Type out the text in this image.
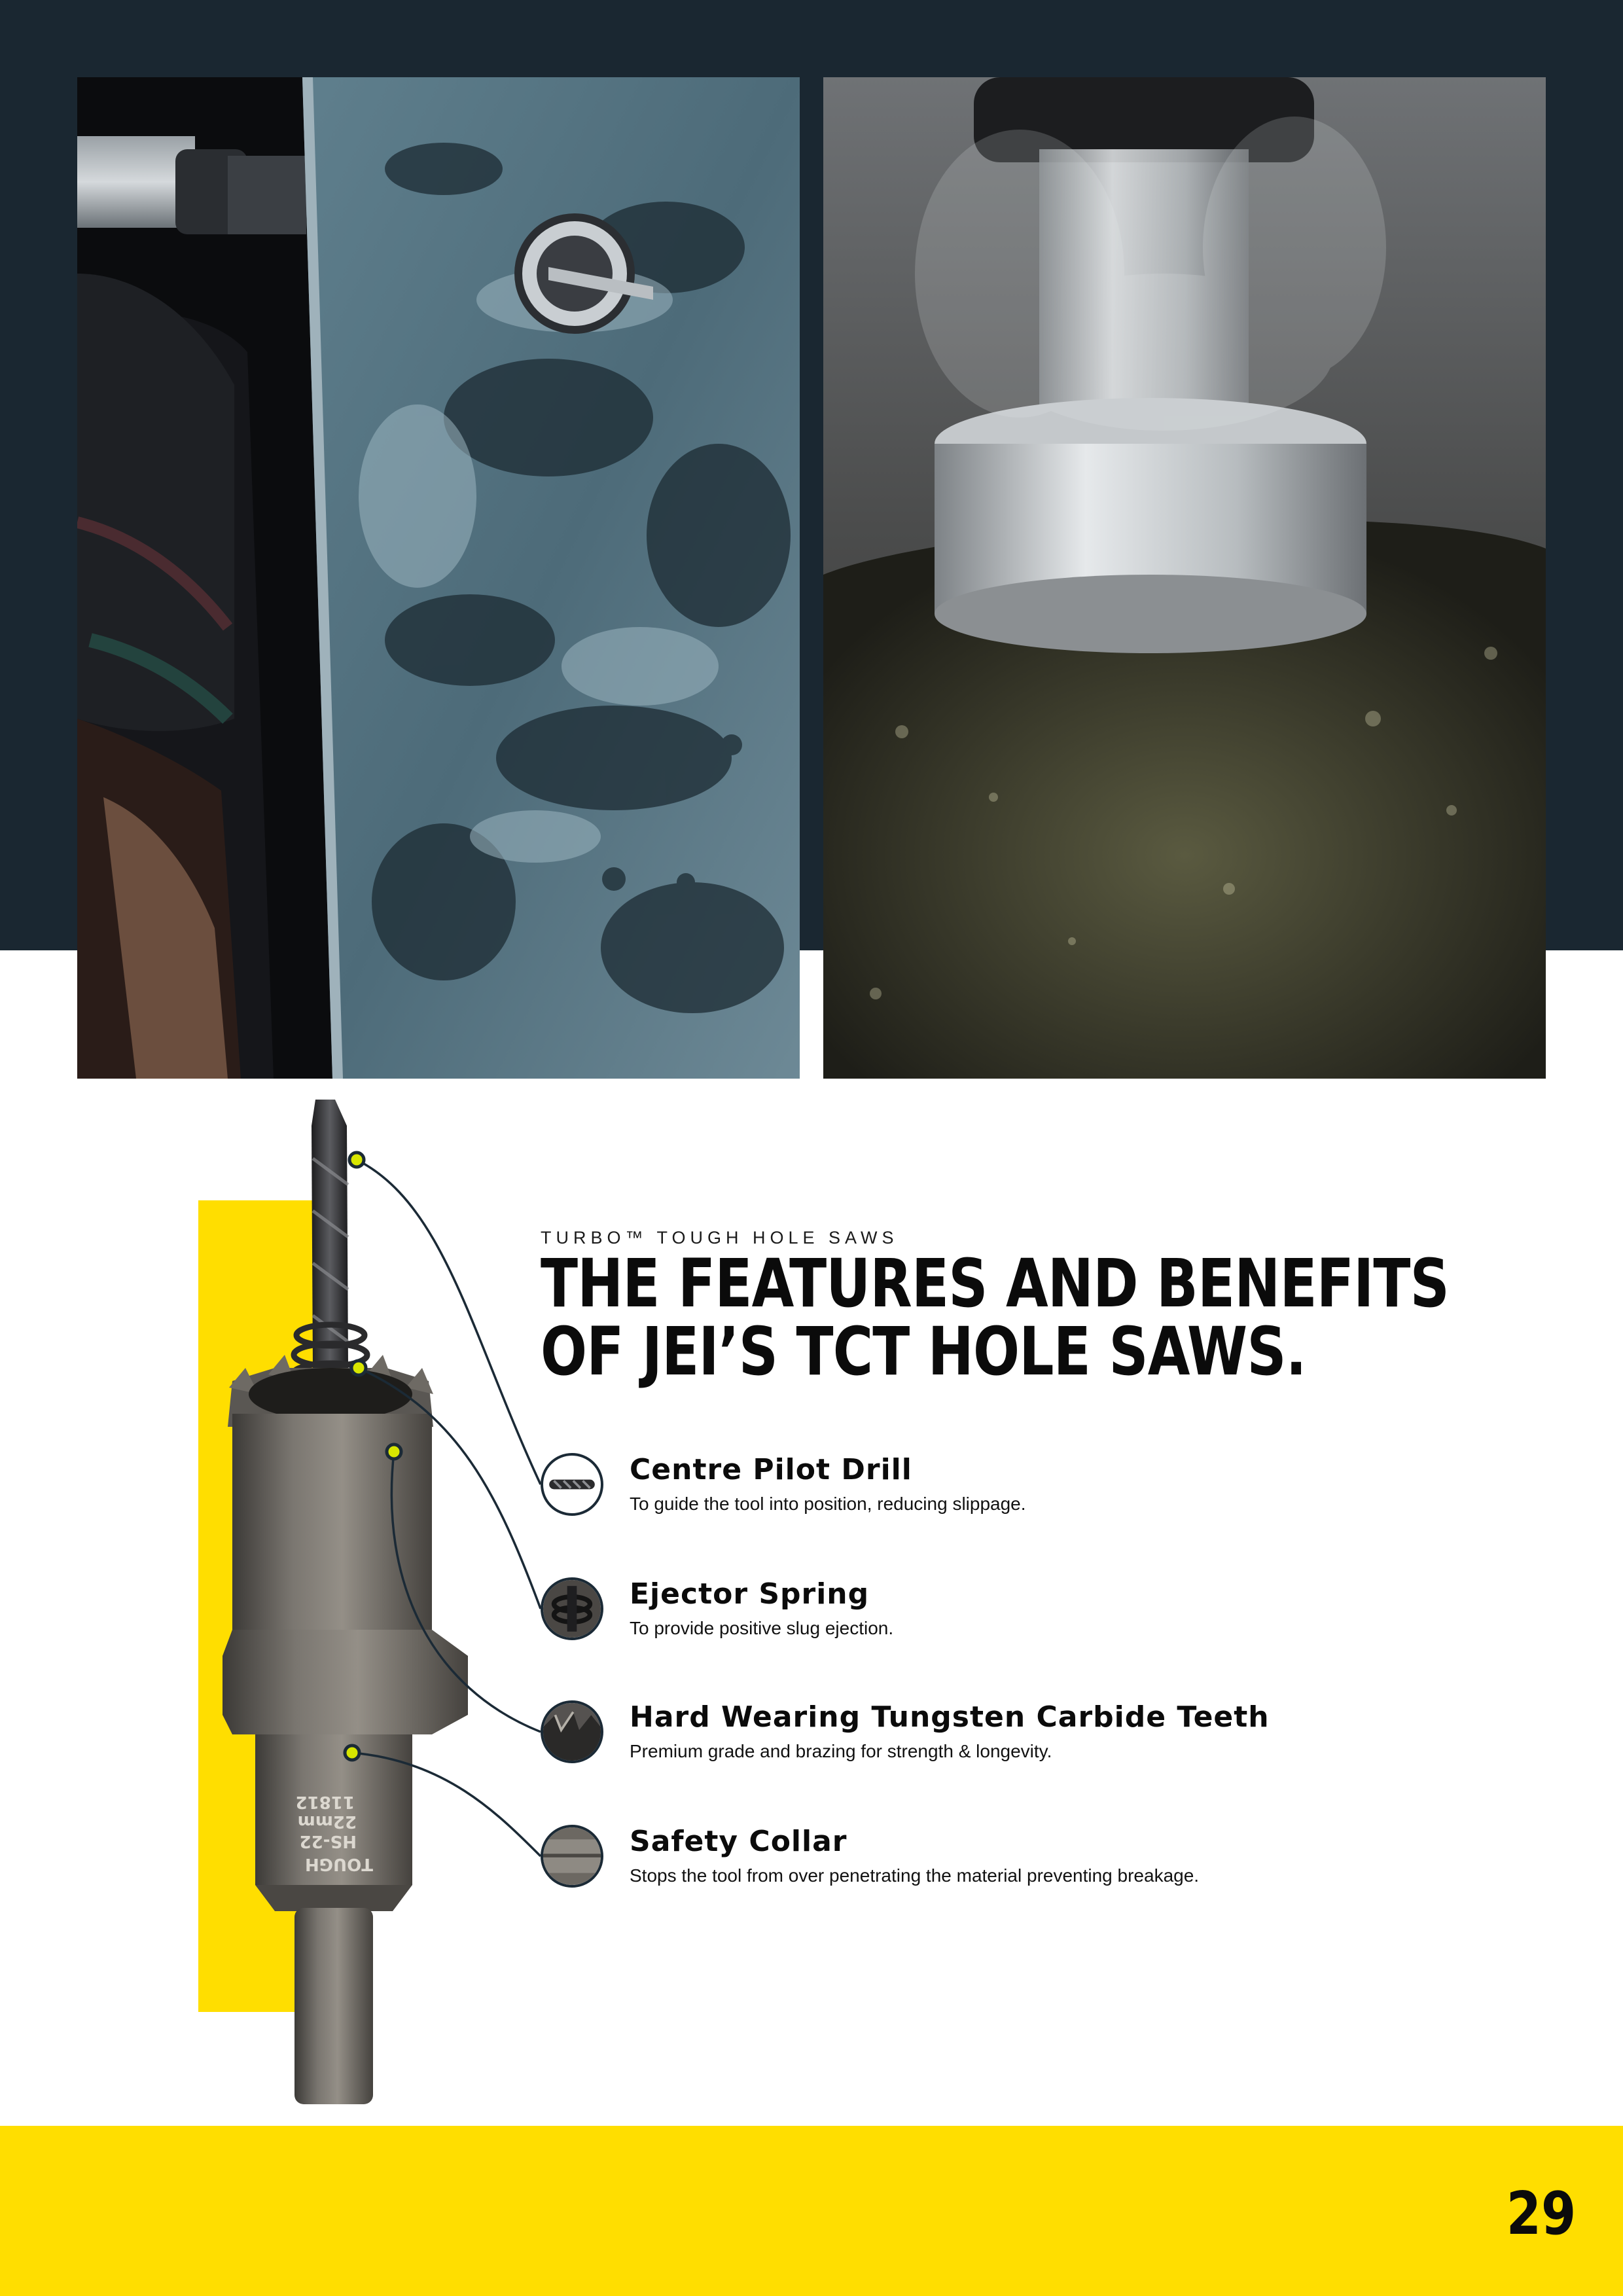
TOUGH
HS-22
22mm
11812
TURBO™ TOUGH HOLE SAWS
THE FEATURES AND BENEFITS
OF JEI’S TCT HOLE SAWS.
Centre Pilot Drill
To guide the tool into position, reducing slippage.
Ejector Spring
To provide positive slug ejection.
Hard Wearing Tungsten Carbide Teeth
Premium grade and brazing for strength & longevity.
Safety Collar
Stops the tool from over penetrating the material preventing breakage.
29
